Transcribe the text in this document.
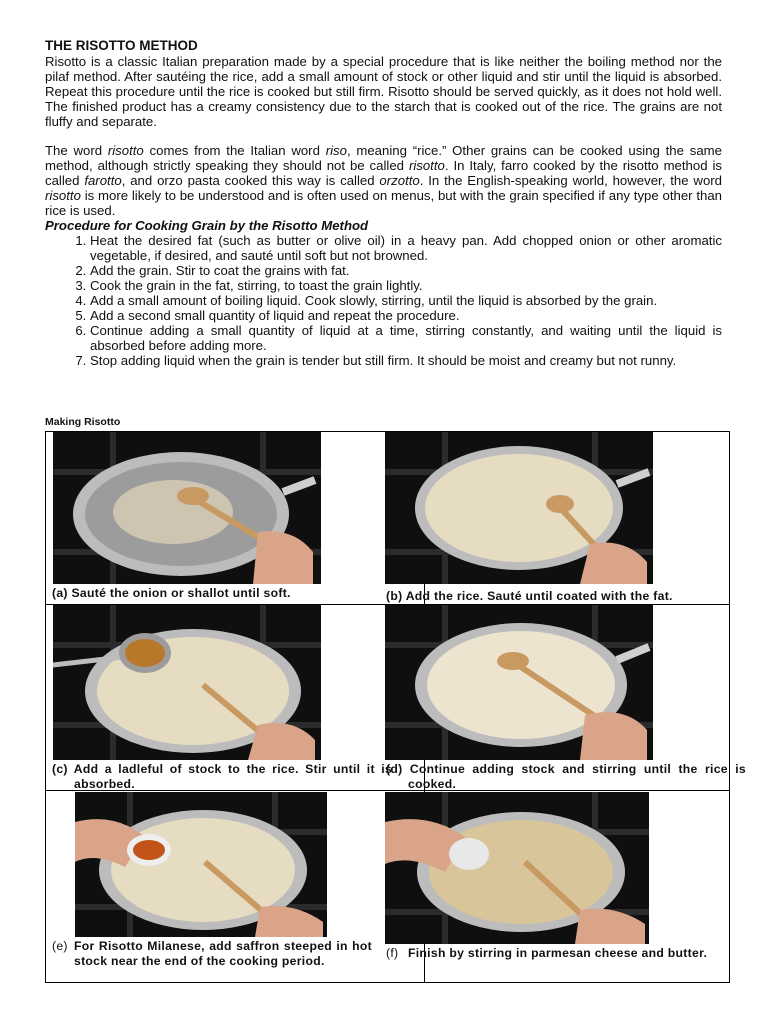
THE RISOTTO METHOD

Risotto is a classic Italian preparation made by a special procedure that is like neither the boiling method nor the pilaf method. After sautéing the rice, add a small amount of stock or other liquid and stir until the liquid is absorbed. Repeat this procedure until the rice is cooked but still firm. Risotto should be served quickly, as it does not hold well. The finished product has a creamy consistency due to the starch that is cooked out of the rice. The grains are not fluffy and separate.

The word risotto comes from the Italian word riso, meaning “rice.” Other grains can be cooked using the same method, although strictly speaking they should not be called risotto. In Italy, farro cooked by the risotto method is called farotto, and orzo pasta cooked this way is called orzotto. In the English-speaking world, however, the word risotto is more likely to be understood and is often used on menus, but with the grain specified if any type other than rice is used.

Procedure for Cooking Grain by the Risotto Method
1. Heat the desired fat (such as butter or olive oil) in a heavy pan. Add chopped onion or other aromatic vegetable, if desired, and sauté until soft but not browned.
2. Add the grain. Stir to coat the grains with fat.
3. Cook the grain in the fat, stirring, to toast the grain lightly.
4. Add a small amount of boiling liquid. Cook slowly, stirring, until the liquid is absorbed by the grain.
5. Add a second small quantity of liquid and repeat the procedure.
6. Continue adding a small quantity of liquid at a time, stirring constantly, and waiting until the liquid is absorbed before adding more.
7. Stop adding liquid when the grain is tender but still firm. It should be moist and creamy but not runny.
Making Risotto
(a) Sauté the onion or shallot until soft.	(b) Add the rice. Sauté until coated with the fat.
(c) Add a ladleful of stock to the rice. Stir until it is absorbed.
(d) Continue adding stock and stirring until the rice is cooked.
(e) For Risotto Milanese, add saffron steeped in hot stock near the end of the cooking period.
(f) Finish by stirring in parmesan cheese and butter.
